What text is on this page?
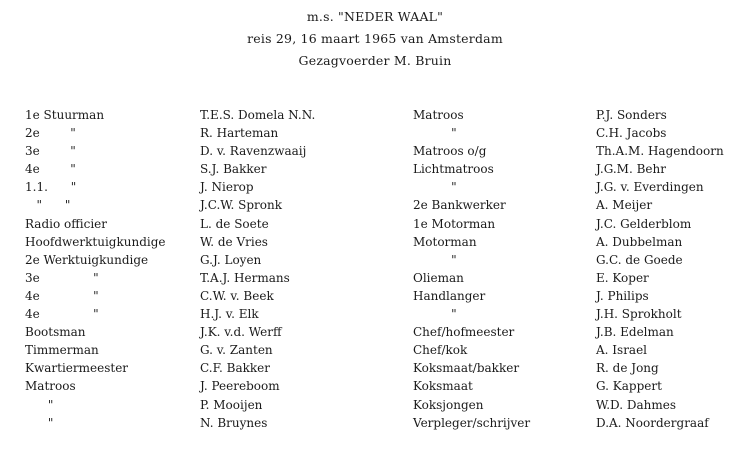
m.s. "NEDER WAAL"
reis 29, 16 maart 1965 van Amsterdam
Gezagvoerder M. Bruin
1e Stuurman
2e        "
3e        "
4e        "
1.1.      "
"      "
Radio officier
Hoofdwerktuigkundige
2e Werktuigkundige
3e              "
4e              "
4e              "
Bootsman
Timmerman
Kwartiermeester
Matroos
"
"
T.E.S. Domela N.N.
R. Harteman
D. v. Ravenzwaaij
S.J. Bakker
J. Nierop
J.C.W. Spronk
L. de Soete
W. de Vries
G.J. Loyen
T.A.J. Hermans
C.W. v. Beek
H.J. v. Elk
J.K. v.d. Werff
G. v. Zanten
C.F. Bakker
J. Peereboom
P. Mooijen
N. Bruynes
Matroos
"
Matroos o/g
Lichtmatroos
"
2e Bankwerker
1e Motorman
Motorman
"
Olieman
Handlanger
"
Chef/hofmeester
Chef/kok
Koksmaat/bakker
Koksmaat
Koksjongen
Verpleger/schrijver
P.J. Sonders
C.H. Jacobs
Th.A.M. Hagendoorn
J.G.M. Behr
J.G. v. Everdingen
A. Meijer
J.C. Gelderblom
A. Dubbelman
G.C. de Goede
E. Koper
J. Philips
J.H. Sprokholt
J.B. Edelman
A. Israel
R. de Jong
G. Kappert
W.D. Dahmes
D.A. Noordergraaf
